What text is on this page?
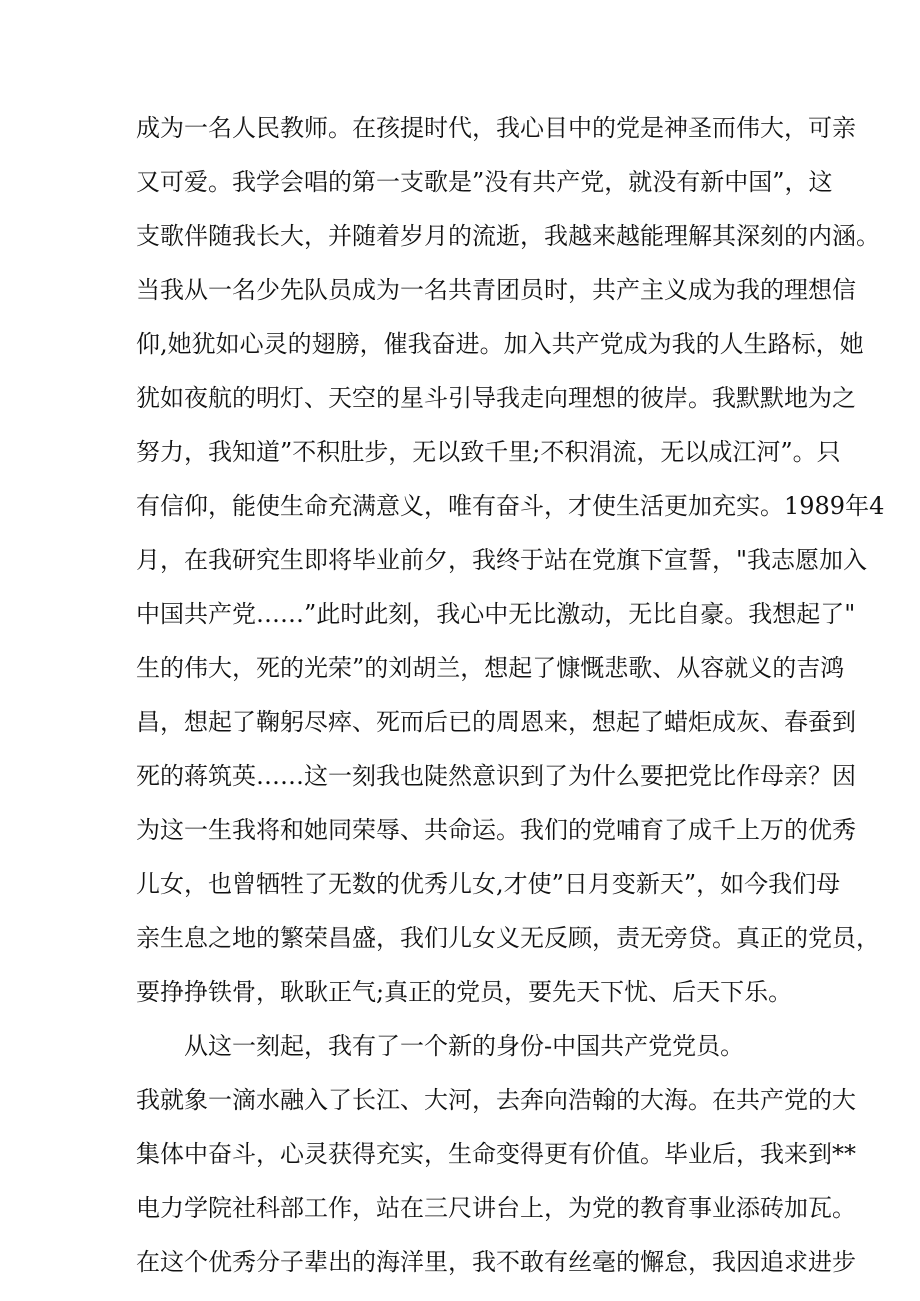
成为一名人民教师。在孩提时代，我心目中的党是神圣而伟大，可亲

又可爱。我学会唱的第一支歌是”没有共产党，就没有新中国”，这

支歌伴随我长大，并随着岁月的流逝，我越来越能理解其深刻的内涵。

当我从一名少先队员成为一名共青团员时，共产主义成为我的理想信

仰,她犹如心灵的翅膀，催我奋进。加入共产党成为我的人生路标，她

犹如夜航的明灯、天空的星斗引导我走向理想的彼岸。我默默地为之

努力，我知道”不积肚步，无以致千里;不积涓流，无以成江河”。只

有信仰，能使生命充满意义，唯有奋斗，才使生活更加充实。1989年4

月，在我研究生即将毕业前夕，我终于站在党旗下宣誓，"我志愿加入

中国共产党……”此时此刻，我心中无比激动，无比自豪。我想起了"

生的伟大，死的光荣”的刘胡兰，想起了慷慨悲歌、从容就义的吉鸿

昌，想起了鞠躬尽瘁、死而后已的周恩来，想起了蜡炬成灰、春蚕到

死的蒋筑英……这一刻我也陡然意识到了为什么要把党比作母亲？因

为这一生我将和她同荣辱、共命运。我们的党哺育了成千上万的优秀

儿女，也曾牺牲了无数的优秀儿女,才使”日月变新天”，如今我们母

亲生息之地的繁荣昌盛，我们儿女义无反顾，责无旁贷。真正的党员，

要挣挣铁骨，耿耿正气;真正的党员，要先天下忧、后天下乐。

从这一刻起，我有了一个新的身份-中国共产党党员。

我就象一滴水融入了长江、大河，去奔向浩翰的大海。在共产党的大

集体中奋斗，心灵获得充实，生命变得更有价值。毕业后，我来到**

电力学院社科部工作，站在三尺讲台上，为党的教育事业添砖加瓦。

在这个优秀分子辈出的海洋里，我不敢有丝毫的懈怠，我因追求进步
